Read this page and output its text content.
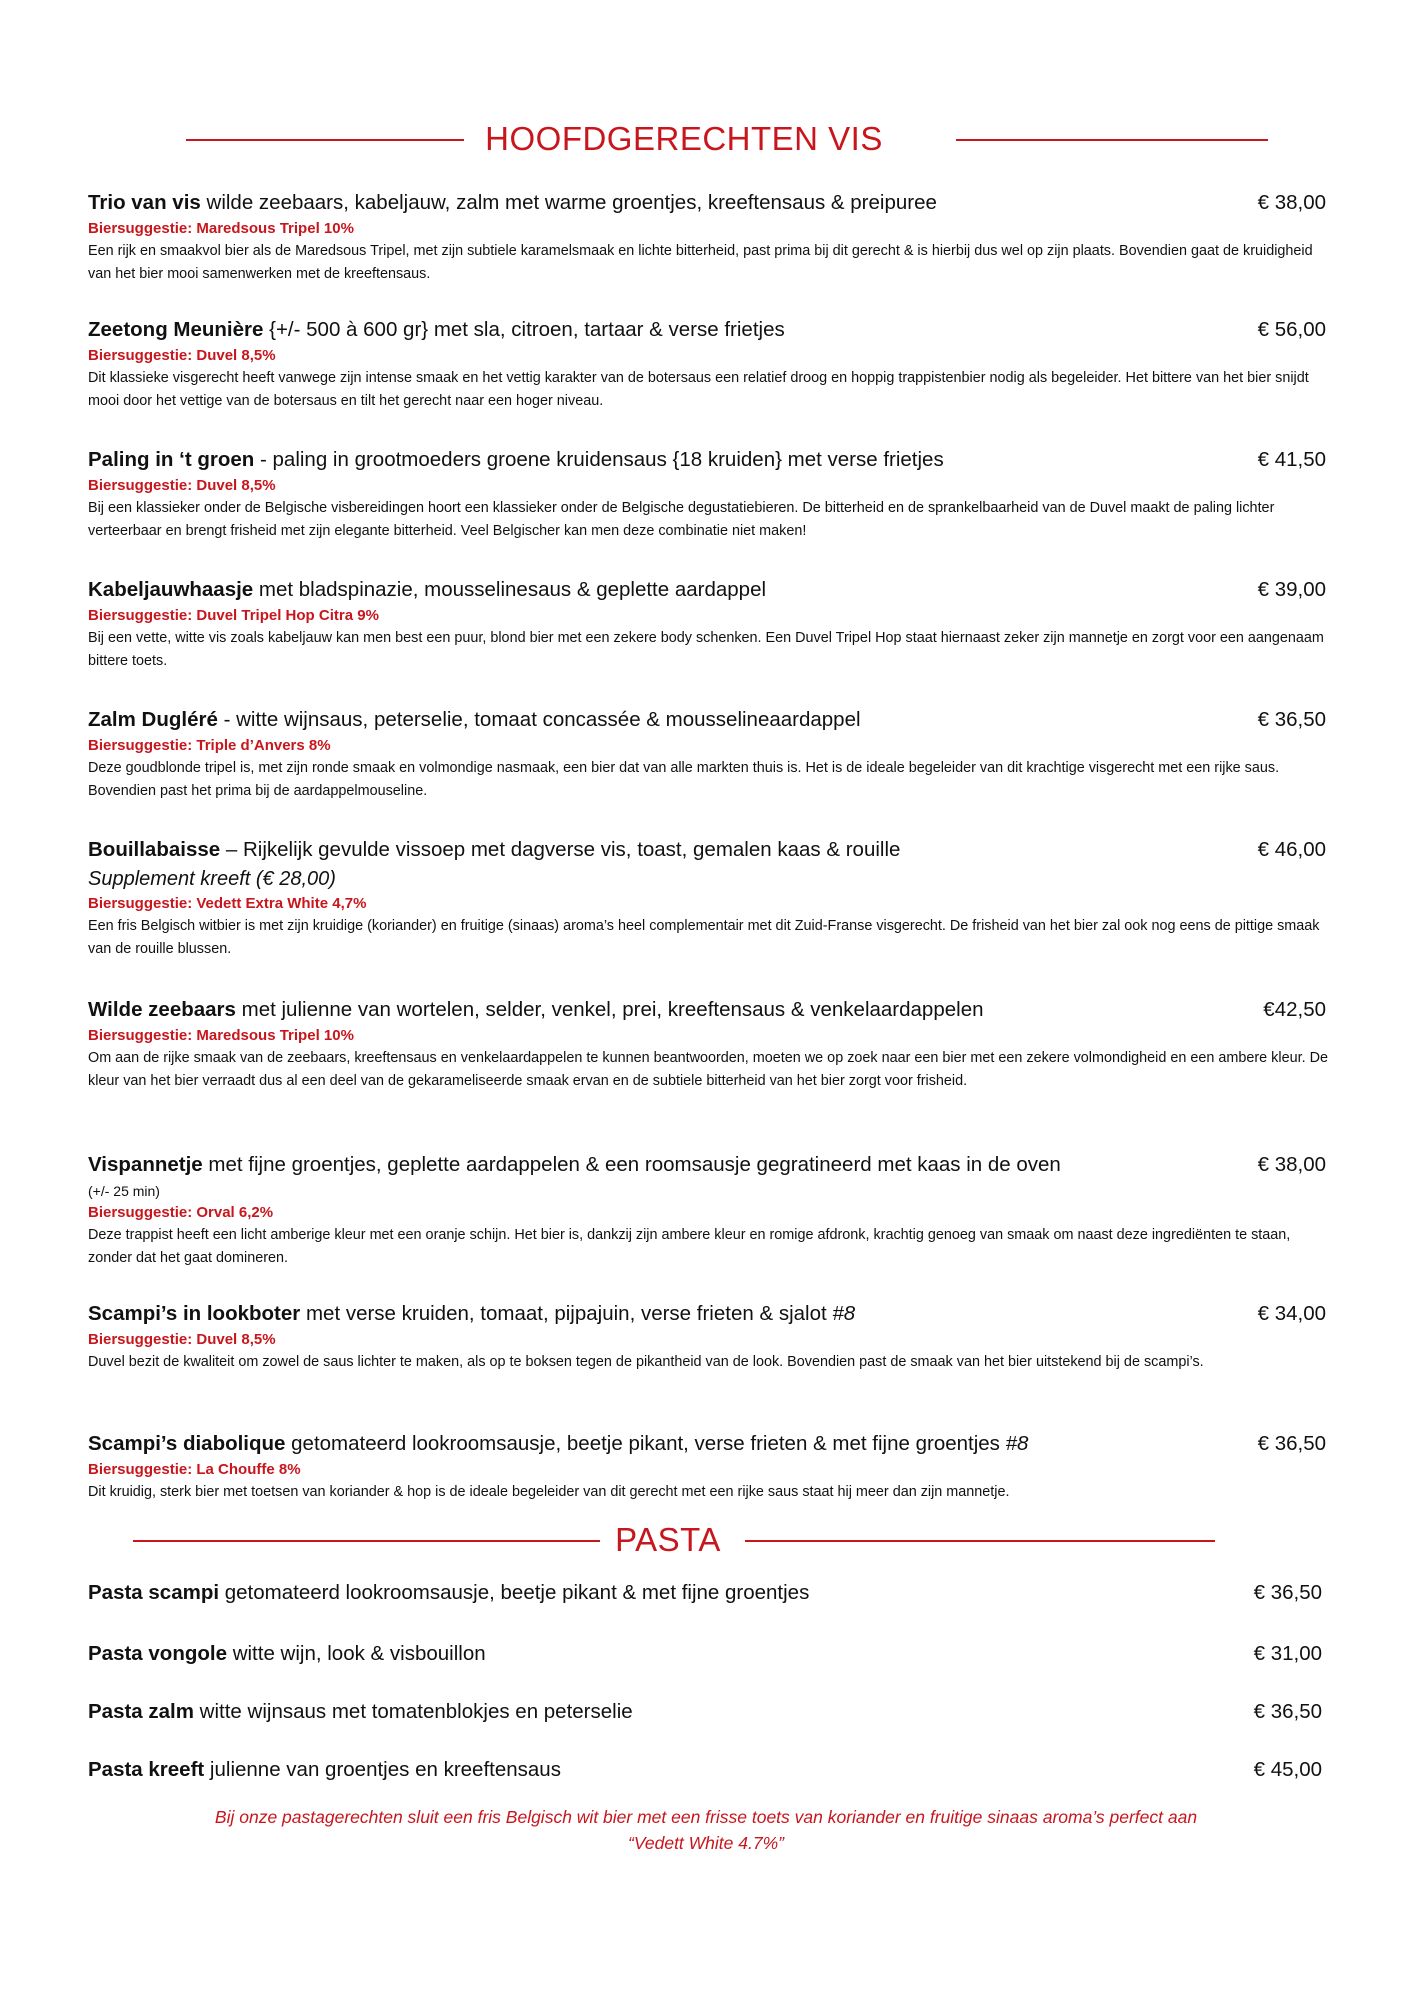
HOOFDGERECHTEN VIS
Trio van vis wilde zeebaars, kabeljauw, zalm met warme groentjes, kreeftensaus & preipuree	€ 38,00
Biersuggestie: Maredsous Tripel 10%
Een rijk en smaakvol bier als de Maredsous Tripel, met zijn subtiele karamelsmaak en lichte bitterheid, past prima bij dit gerecht & is hierbij dus wel op zijn plaats. Bovendien gaat de kruidigheid van het bier mooi samenwerken met de kreeftensaus.
Zeetong Meunière {+/- 500 à 600 gr} met sla, citroen, tartaar & verse frietjes	€ 56,00
Biersuggestie: Duvel 8,5%
Dit klassieke visgerecht heeft vanwege zijn intense smaak en het vettig karakter van de botersaus een relatief droog en hoppig trappistenbier nodig als begeleider. Het bittere van het bier snijdt mooi door het vettige van de botersaus en tilt het gerecht naar een hoger niveau.
Paling in ‘t groen - paling in grootmoeders groene kruidensaus {18 kruiden} met verse frietjes	€ 41,50
Biersuggestie: Duvel 8,5%
Bij een klassieker onder de Belgische visbereidingen hoort een klassieker onder de Belgische degustatiebieren. De bitterheid en de sprankelbaarheid van de Duvel maakt de paling lichter verteerbaar en brengt frisheid met zijn elegante bitterheid. Veel Belgischer kan men deze combinatie niet maken!
Kabeljauwhaasje met bladspinazie, mousselinesaus & geplette aardappel	€ 39,00
Biersuggestie: Duvel Tripel Hop Citra 9%
Bij een vette, witte vis zoals kabeljauw kan men best een puur, blond bier met een zekere body schenken. Een Duvel Tripel Hop staat hiernaast zeker zijn mannetje en zorgt voor een aangenaam bittere toets.
Zalm Dugléré - witte wijnsaus, peterselie, tomaat concassée & mousselineaardappel	€ 36,50
Biersuggestie: Triple d’Anvers 8%
Deze goudblonde tripel is, met zijn ronde smaak en volmondige nasmaak, een bier dat van alle markten thuis is. Het is de ideale begeleider van dit krachtige visgerecht met een rijke saus. Bovendien past het prima bij de aardappelmouseline.
Bouillabaisse – Rijkelijk gevulde vissoep met dagverse vis, toast, gemalen kaas & rouille	€ 46,00
Supplement kreeft (€ 28,00)
Biersuggestie: Vedett Extra White 4,7%
Een fris Belgisch witbier is met zijn kruidige (koriander) en fruitige (sinaas) aroma’s heel complementair met dit Zuid-Franse visgerecht. De frisheid van het bier zal ook nog eens de pittige smaak van de rouille blussen.
Wilde zeebaars met julienne van wortelen, selder, venkel, prei, kreeftensaus & venkelaardappelen	€42,50
Biersuggestie: Maredsous Tripel 10%
Om aan de rijke smaak van de zeebaars, kreeftensaus en venkelaardappelen te kunnen beantwoorden, moeten we op zoek naar een bier met een zekere volmondigheid en een ambere kleur. De kleur van het bier verraadt dus al een deel van de gekarameliseerde smaak ervan en de subtiele bitterheid van het bier zorgt voor frisheid.
Vispannetje met fijne groentjes, geplette aardappelen & een roomsausje gegratineerd met kaas in de oven	€ 38,00
(+/- 25 min)
Biersuggestie: Orval 6,2%
Deze trappist heeft een licht amberige kleur met een oranje schijn. Het bier is, dankzij zijn ambere kleur en romige afdronk, krachtig genoeg van smaak om naast deze ingrediënten te staan, zonder dat het gaat domineren.
Scampi’s in lookboter met verse kruiden, tomaat, pijpajuin, verse frieten & sjalot #8	€ 34,00
Biersuggestie: Duvel 8,5%
Duvel bezit de kwaliteit om zowel de saus lichter te maken, als op te boksen tegen de pikantheid van de look. Bovendien past de smaak van het bier uitstekend bij de scampi’s.
Scampi’s diabolique getomateerd lookroomsausje, beetje pikant, verse frieten & met fijne groentjes #8	€ 36,50
Biersuggestie: La Chouffe 8%
Dit kruidig, sterk bier met toetsen van koriander & hop is de ideale begeleider van dit gerecht met een rijke saus staat hij meer dan zijn mannetje.
PASTA
Pasta scampi getomateerd lookroomsausje, beetje pikant & met fijne groentjes	€ 36,50
Pasta vongole witte wijn, look & visbouillon	€ 31,00
Pasta zalm witte wijnsaus met tomatenblokjes en peterselie	€ 36,50
Pasta kreeft julienne van groentjes en kreeftensaus	€ 45,00
Bij onze pastagerechten sluit een fris Belgisch wit bier met een frisse toets van koriander en fruitige sinaas aroma’s perfect aan
“Vedett White 4.7%”
